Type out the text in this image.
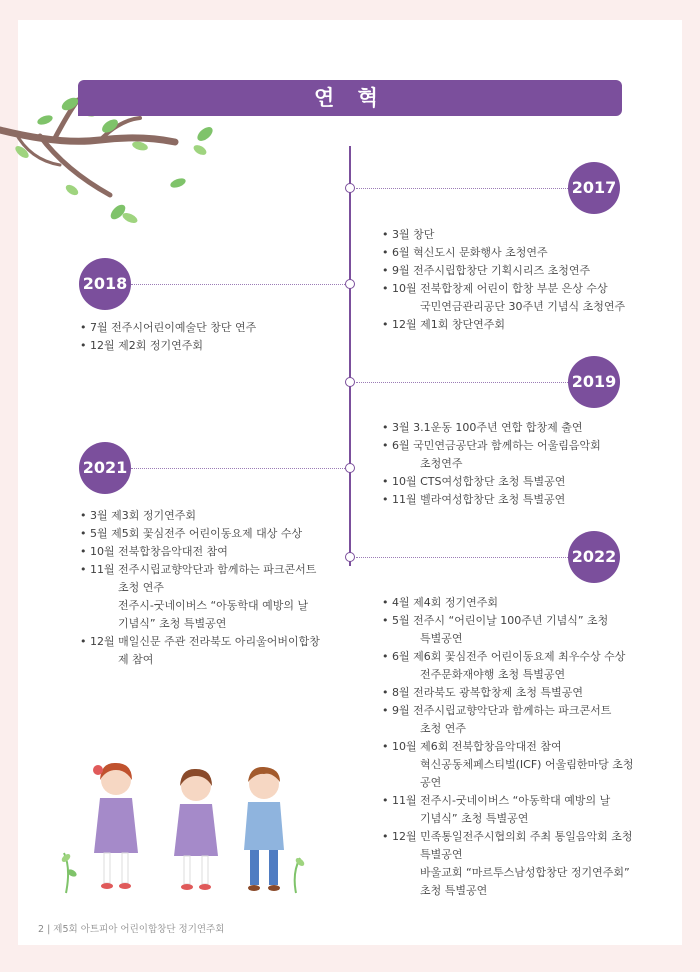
연 혁
2017
• 3월 창단
• 6월 혁신도시 문화행사 초청연주
• 9월 전주시립합창단 기획시리즈 초청연주
• 10월 전북합창제 어린이 합창 부분 은상 수상
국민연금관리공단 30주년 기념식 초청연주
• 12월 제1회 창단연주회
2018
• 7월 전주시어린이예술단 창단 연주
• 12월 제2회 정기연주회
2019
• 3월 3.1운동 100주년 연합 합창제 출연
• 6월 국민연금공단과 함께하는 어울림음악회
초청연주
• 10월 CTS여성합창단 초청 특별공연
• 11월 벨라여성합창단 초청 특별공연
2021
• 3월 제3회 정기연주회
• 5월 제5회 꽃심전주 어린이동요제 대상 수상
• 10월 전북합창음악대전 참여
• 11월 전주시립교향악단과 함께하는 파크콘서트
초청 연주
전주시-굿네이버스 “아동학대 예방의 날
기념식” 초청 특별공연
• 12월 매일신문 주관 전라북도 아리울어버이합창
제 참여
2022
• 4월 제4회 정기연주회
• 5월 전주시 “어린이날 100주년 기념식” 초청
특별공연
• 6월 제6회 꽃심전주 어린이동요제 최우수상 수상
전주문화재야행 초청 특별공연
• 8월 전라북도 광복합창제 초청 특별공연
• 9월 전주시립교향악단과 함께하는 파크콘서트
초청 연주
• 10월 제6회 전북합창음악대전 참여
혁신공동체페스티벌(ICF) 어울림한마당 초청
공연
• 11월 전주시-굿네이버스 “아동학대 예방의 날
기념식” 초청 특별공연
• 12월 민족통일전주시협의회 주최 통일음악회 초청
특별공연
바울교회 “마르투스남성합창단 정기연주회”
초청 특별공연
2 | 제5회 아트피아 어린이합창단 정기연주회
